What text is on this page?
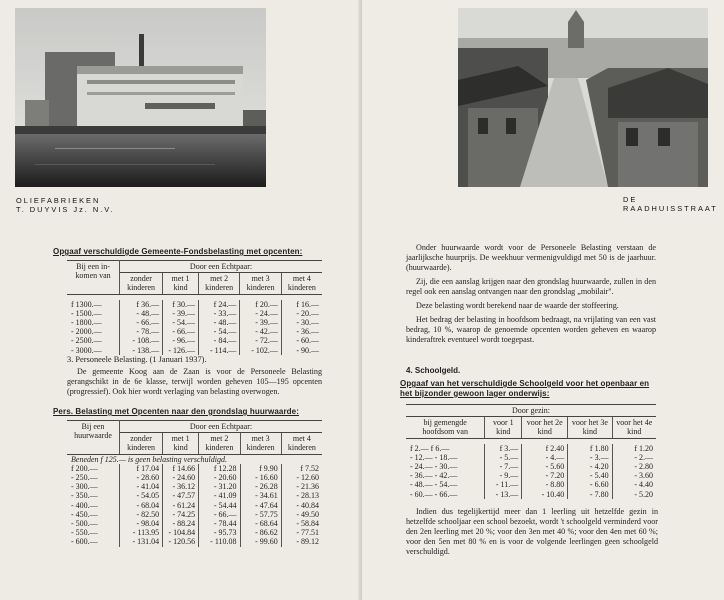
OLIEFABRIEKEN
T. DUYVIS Jz. N.V.
Opgaaf verschuldigde Gemeente-Fondsbelasting met opcenten:
Bij een in-komen van	Door een Echtpaar:				
	zonder kinderen	met 1 kind	met 2 kinderen	met 3 kinderen	met 4 kinderen

f 1300.—	f 36.—	f 30.—	f 24.—	f 20.—	f 16.—
- 1500.—	- 48.—	- 39.—	- 33.—	- 24.—	- 20.—
- 1800.—	- 66.—	- 54.—	- 48.—	- 39.—	- 30.—
- 2000.—	- 78.—	- 66.—	- 54.—	- 42.—	- 36.—
- 2500.—	- 108.—	- 96.—	- 84.—	- 72.—	- 60.—
- 3000.—	- 138.—	- 126.—	- 114.—	- 102.—	- 90.—
3. Personeele Belasting. (1 Januari 1937).

De gemeente Koog aan de Zaan is voor de Personeele Belasting gerangschikt in de 6e klasse, terwijl worden geheven 105—195 opcenten (progressief). Ook hier wordt verlaging van belasting overwogen.

Pers. Belasting met Opcenten naar den grondslag huurwaarde:
Bij een huurwaarde	Door een Echtpaar:				
	zonder kinderen	met 1 kind	met 2 kinderen	met 3 kinderen	met 4 kinderen
Beneden f 125.— is geen belasting verschuldigd.					
f 200.—	f 17.04	f 14.66	f 12.28	f 9.90	f 7.52
- 250.—	- 28.60	- 24.60	- 20.60	- 16.60	- 12.60
- 300.—	- 41.04	- 36.12	- 31.20	- 26.28	- 21.36
- 350.—	- 54.05	- 47.57	- 41.09	- 34.61	- 28.13
- 400.—	- 68.04	- 61.24	- 54.44	- 47.64	- 40.84
- 450.—	- 82.50	- 74.25	- 66.—	- 57.75	- 49.50
- 500.—	- 98.04	- 88.24	- 78.44	- 68.64	- 58.84
- 550.—	- 113.95	- 104.84	- 95.73	- 86.62	- 77.51
- 600.—	- 131.04	- 120.56	- 110.08	- 99.60	- 89.12
DE
RAADHUISSTRAAT

Onder huurwaarde wordt voor de Personeele Belasting verstaan de jaarlijksche huurprijs. De weekhuur vermenigvuldigd met 50 is de jaarhuur. (huurwaarde).

Zij, die een aanslag krijgen naar den grondslag huurwaarde, zullen in den regel ook een aanslag ontvangen naar den grondslag „mobilair".

Deze belasting wordt berekend naar de waarde der stoffeering.

Het bedrag der belasting in hoofdsom bedraagt, na vrijlating van een vast bedrag, 10 %, waarop de genoemde opcenten worden geheven en waarop kinderaftrek eventueel wordt toegepast.

4. Schoolgeld.
Opgaaf van het verschuldigde Schoolgeld voor het openbaar en het bijzonder gewoon lager onderwijs:
Door gezin:				
bij gemengde hoofdsom van	voor 1 kind	voor het 2e kind	voor het 3e kind	voor het 4e kind

f 2.— f 6.—	f 3.—	f 2.40	f 1.80	f 1.20
- 12.— - 18.—	- 5.—	- 4.—	- 3.—	- 2.—
- 24.— - 30.—	- 7.—	- 5.60	- 4.20	- 2.80
- 36.— - 42.—	- 9.—	- 7.20	- 5.40	- 3.60
- 48.— - 54.—	- 11.—	- 8.80	- 6.60	- 4.40
- 60.— - 66.—	- 13.—	- 10.40	- 7.80	- 5.20

Indien dus tegelijkertijd meer dan 1 leerling uit hetzelfde gezin in hetzelfde schooljaar een school bezoekt, wordt 't schoolgeld verminderd voor den 2en leerling met 20 %; voor den 3en met 40 %; voor den 4en met 60 %; voor den 5en met 80 % en is voor de volgende leerlingen geen schoolgeld verschuldigd.
